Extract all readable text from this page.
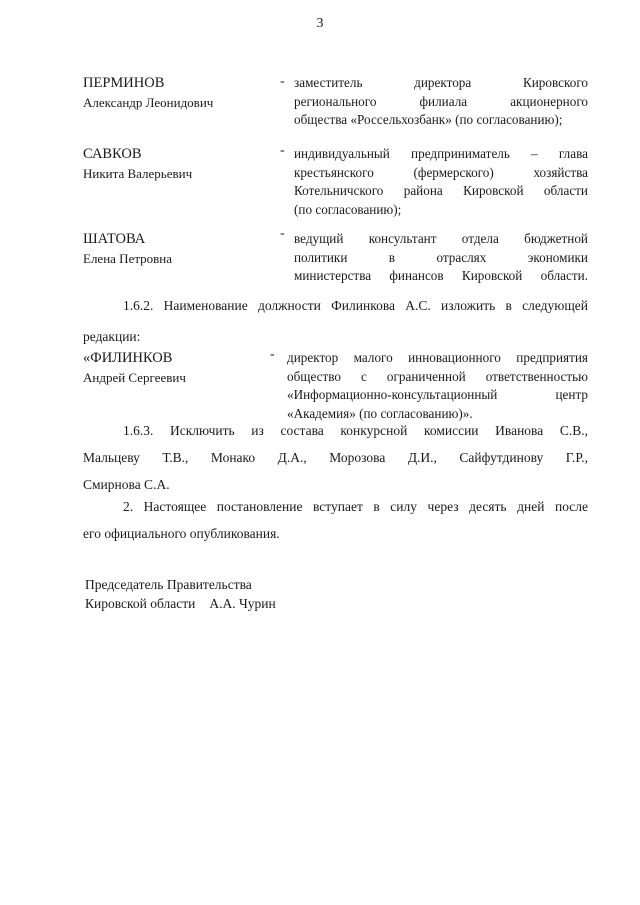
3
ПЕРМИНОВ
Александр Леонидович
- заместитель директора Кировского
регионального филиала акционерного
общества «Россельхозбанк» (по согласованию);
САВКОВ
Никита Валерьевич
- индивидуальный предприниматель – глава
крестьянского (фермерского) хозяйства
Котельничского района Кировской области
(по согласованию);
ШАТОВА
Елена Петровна
- ведущий консультант отдела бюджетной
политики в отраслях экономики
министерства финансов Кировской области.
1.6.2. Наименование должности Филинкова А.С. изложить в следующей
редакции:
«ФИЛИНКОВ
Андрей Сергеевич
- директор малого инновационного предприятия
общество с ограниченной ответственностью
«Информационно-консультационный центр
«Академия» (по согласованию)».
1.6.3. Исключить из состава конкурсной комиссии Иванова С.В.,
Мальцеву Т.В., Монако Д.А., Морозова Д.И., Сайфутдинову Г.Р.,
Смирнова С.А.
2. Настоящее постановление вступает в силу через десять дней после
его официального опубликования.
Председатель Правительства
Кировской области А.А. Чурин
